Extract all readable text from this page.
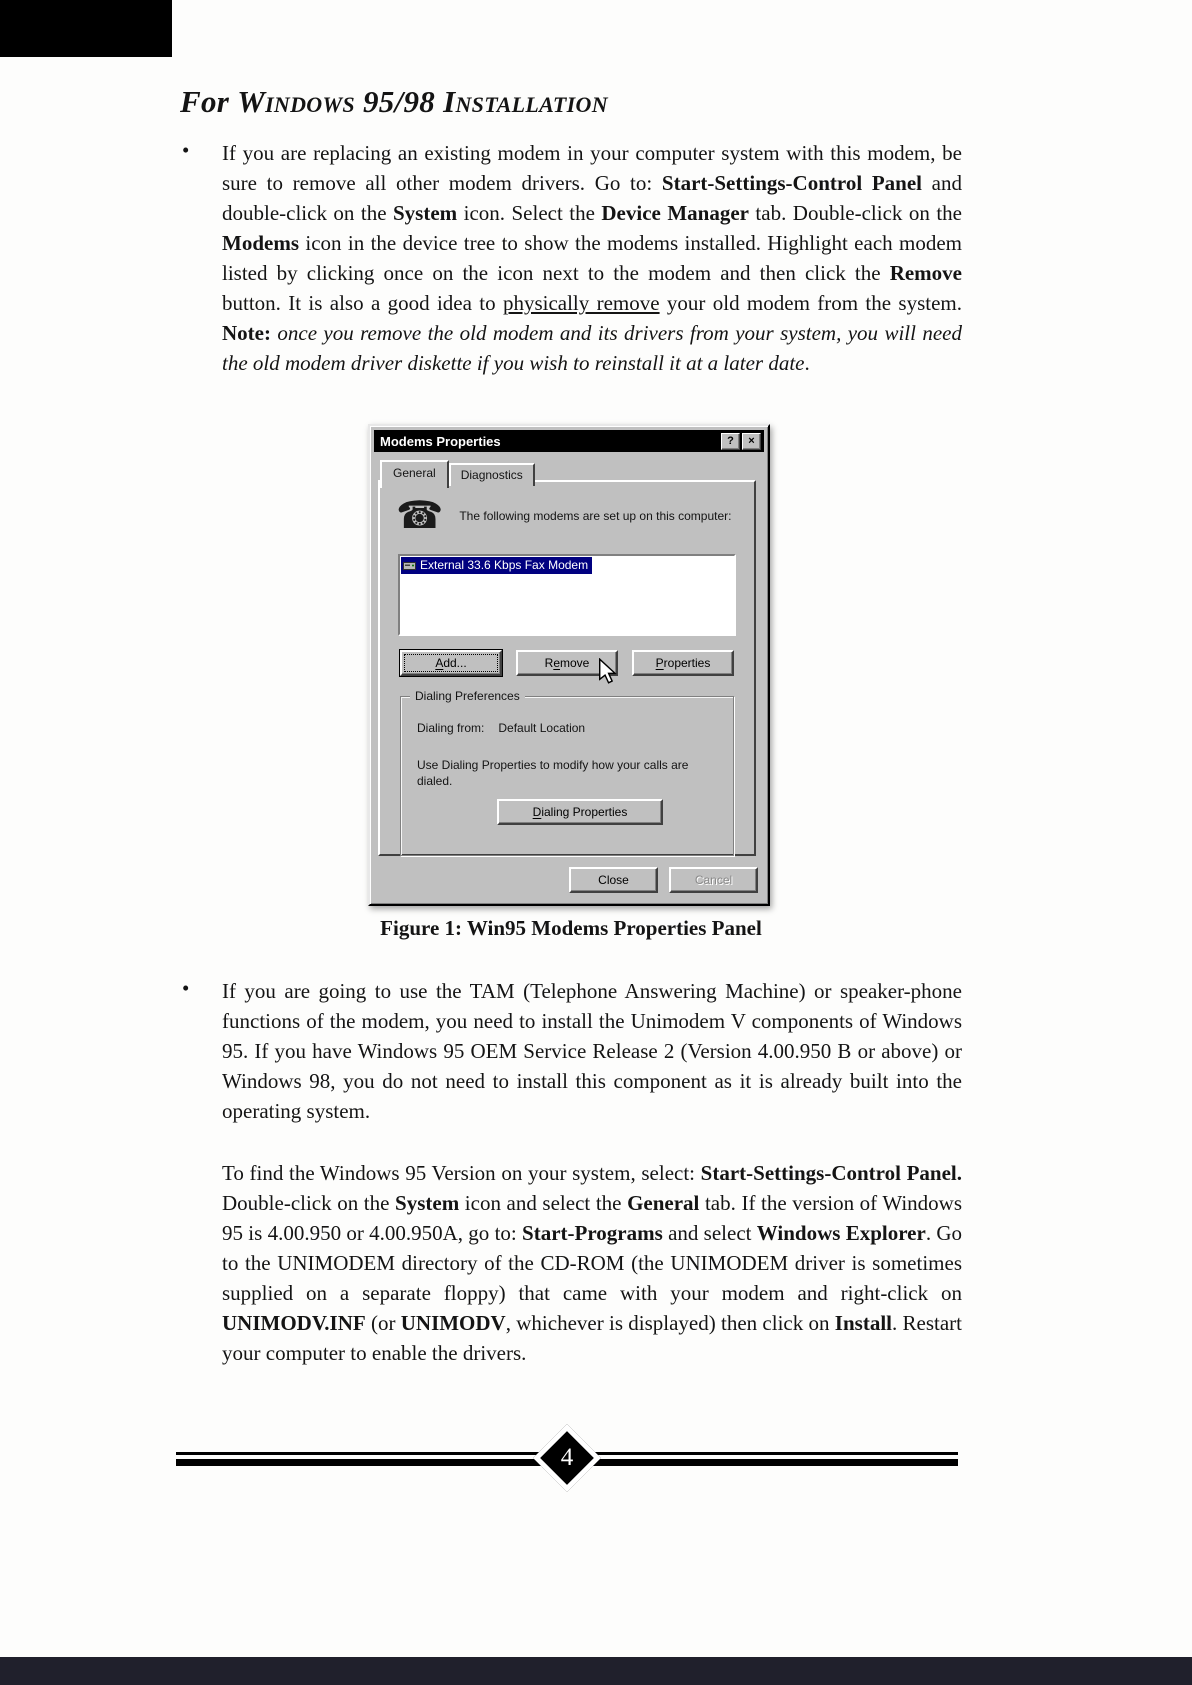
For Windows 95/98 Installation
•	If you are replacing an existing modem in your computer system with this modem, be sure to remove all other modem drivers. Go to: Start-Settings-Control Panel and double-click on the System icon. Select the Device Manager tab. Double-click on the Modems icon in the device tree to show the modems installed. Highlight each modem listed by clicking once on the icon next to the modem and then click the Remove button. It is also a good idea to physically remove your old modem from the system. Note: once you remove the old modem and its drivers from your system, you will need the old modem driver diskette if you wish to reinstall it at a later date.

Modems Properties	?	×
General	Diagnostics
☎ The following modems are set up on this computer:
External 33.6 Kbps Fax Modem
Add...	Remove	Properties
Dialing Preferences
Dialing from: Default Location
Use Dialing Properties to modify how your calls are dialed.
Dialing Properties
Close	Cancel
Figure 1: Win95 Modems Properties Panel
•	If you are going to use the TAM (Telephone Answering Machine) or speaker-phone functions of the modem, you need to install the Unimodem V components of Windows 95. If you have Windows 95 OEM Service Release 2 (Version 4.00.950 B or above) or Windows 98, you do not need to install this component as it is already built into the operating system.

To find the Windows 95 Version on your system, select: Start-Settings-Control Panel. Double-click on the System icon and select the General tab. If the version of Windows 95 is 4.00.950 or 4.00.950A, go to: Start-Programs and select Windows Explorer. Go to the UNIMODEM directory of the CD-ROM (the UNIMODEM driver is sometimes supplied on a separate floppy) that came with your modem and right-click on UNIMODV.INF (or UNIMODV, whichever is displayed) then click on Install. Restart your computer to enable the drivers.

4
